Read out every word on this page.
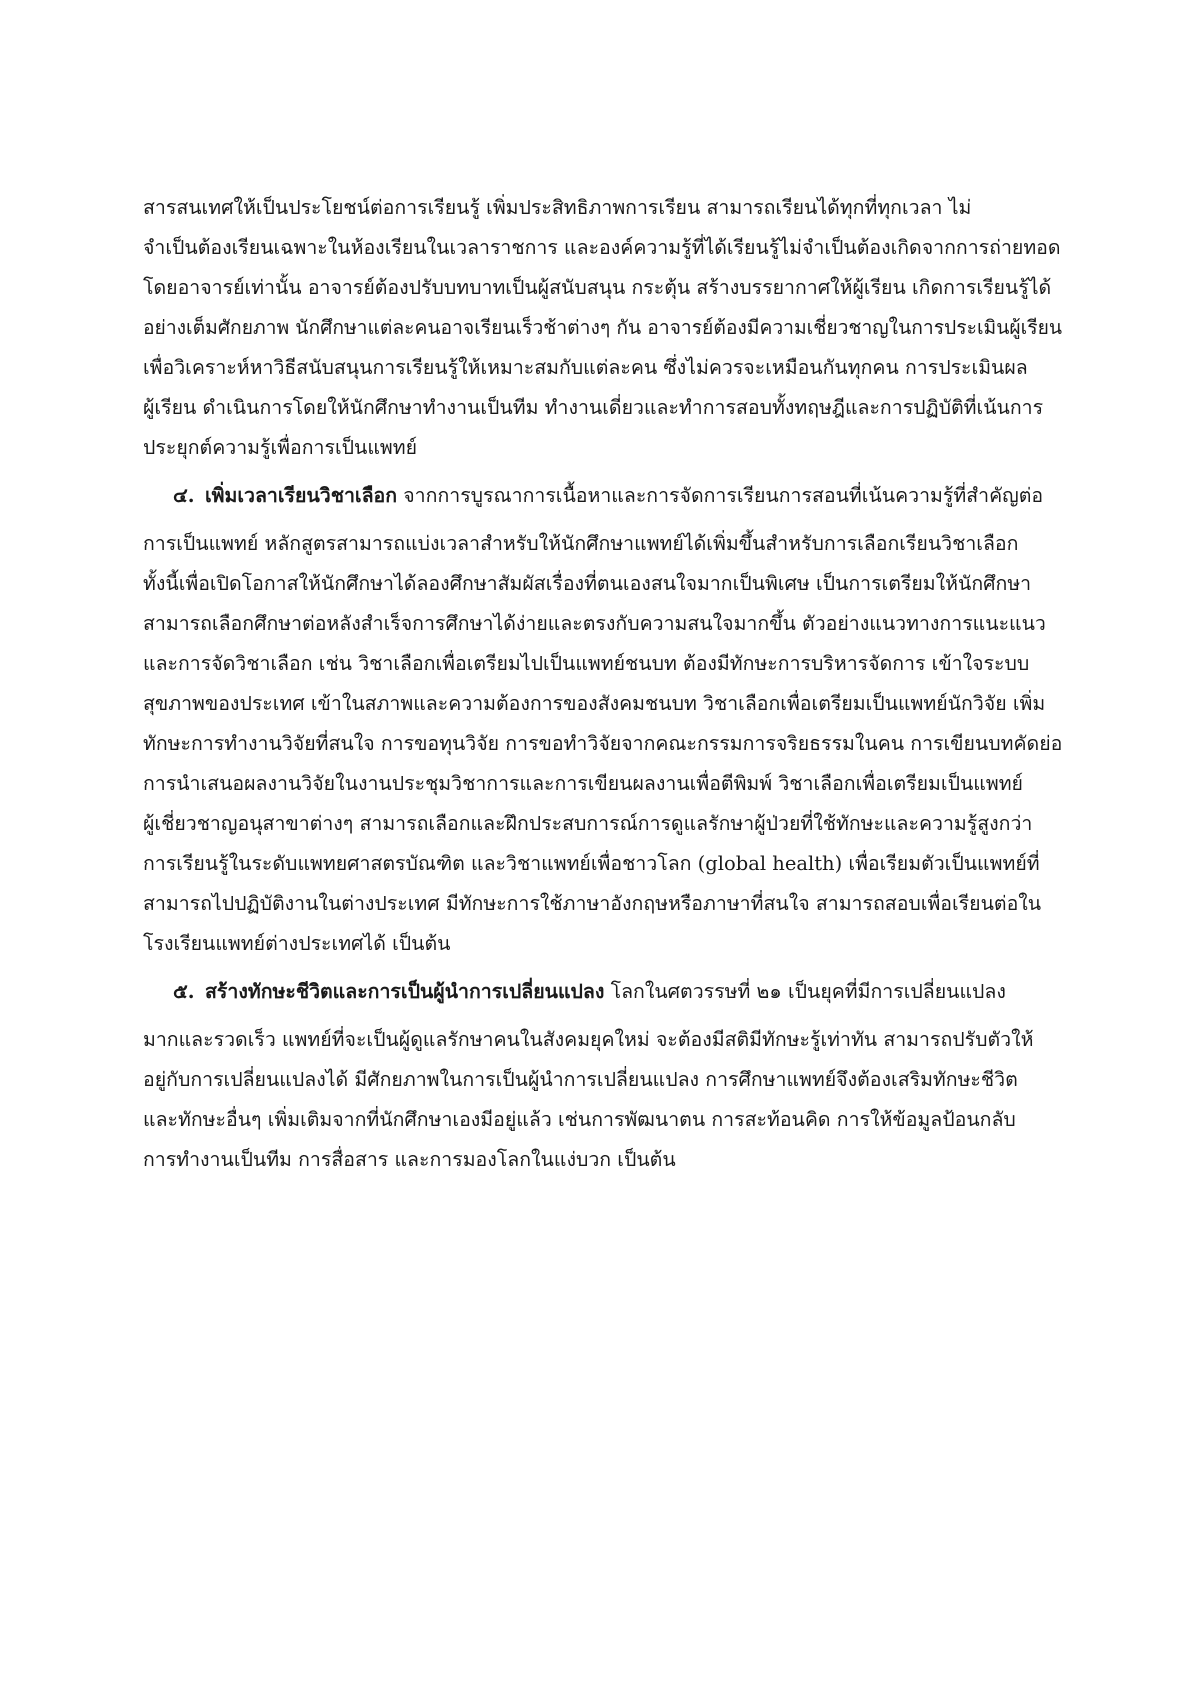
สารสนเทศให้เป็นประโยชน์ต่อการเรียนรู้ เพิ่มประสิทธิภาพการเรียน สามารถเรียนได้ทุกที่ทุกเวลา ไม่
จำเป็นต้องเรียนเฉพาะในห้องเรียนในเวลาราชการ และองค์ความรู้ที่ได้เรียนรู้ไม่จำเป็นต้องเกิดจากการถ่ายทอด
โดยอาจารย์เท่านั้น อาจารย์ต้องปรับบทบาทเป็นผู้สนับสนุน กระตุ้น สร้างบรรยากาศให้ผู้เรียน เกิดการเรียนรู้ได้
อย่างเต็มศักยภาพ นักศึกษาแต่ละคนอาจเรียนเร็วช้าต่างๆ กัน อาจารย์ต้องมีความเชี่ยวชาญในการประเมินผู้เรียน
เพื่อวิเคราะห์หาวิธีสนับสนุนการเรียนรู้ให้เหมาะสมกับแต่ละคน ซึ่งไม่ควรจะเหมือนกันทุกคน การประเมินผล
ผู้เรียน ดำเนินการโดยให้นักศึกษาทำงานเป็นทีม ทำงานเดี่ยวและทำการสอบทั้งทฤษฎีและการปฏิบัติที่เน้นการ
ประยุกต์ความรู้เพื่อการเป็นแพทย์
๔. เพิ่มเวลาเรียนวิชาเลือก จากการบูรณาการเนื้อหาและการจัดการเรียนการสอนที่เน้นความรู้ที่สำคัญต่อ
การเป็นแพทย์ หลักสูตรสามารถแบ่งเวลาสำหรับให้นักศึกษาแพทย์ได้เพิ่มขึ้นสำหรับการเลือกเรียนวิชาเลือก
ทั้งนี้เพื่อเปิดโอกาสให้นักศึกษาได้ลองศึกษาสัมผัสเรื่องที่ตนเองสนใจมากเป็นพิเศษ เป็นการเตรียมให้นักศึกษา
สามารถเลือกศึกษาต่อหลังสำเร็จการศึกษาได้ง่ายและตรงกับความสนใจมากขึ้น ตัวอย่างแนวทางการแนะแนว
และการจัดวิชาเลือก เช่น วิชาเลือกเพื่อเตรียมไปเป็นแพทย์ชนบท ต้องมีทักษะการบริหารจัดการ เข้าใจระบบ
สุขภาพของประเทศ เข้าในสภาพและความต้องการของสังคมชนบท วิชาเลือกเพื่อเตรียมเป็นแพทย์นักวิจัย เพิ่ม
ทักษะการทำงานวิจัยที่สนใจ การขอทุนวิจัย การขอทำวิจัยจากคณะกรรมการจริยธรรมในคน การเขียนบทคัดย่อ
การนำเสนอผลงานวิจัยในงานประชุมวิชาการและการเขียนผลงานเพื่อตีพิมพ์ วิชาเลือกเพื่อเตรียมเป็นแพทย์
ผู้เชี่ยวชาญอนุสาขาต่างๆ สามารถเลือกและฝึกประสบการณ์การดูแลรักษาผู้ป่วยที่ใช้ทักษะและความรู้สูงกว่า
การเรียนรู้ในระดับแพทยศาสตรบัณฑิต และวิชาแพทย์เพื่อชาวโลก (global health) เพื่อเรียมตัวเป็นแพทย์ที่
สามารถไปปฏิบัติงานในต่างประเทศ มีทักษะการใช้ภาษาอังกฤษหรือภาษาที่สนใจ สามารถสอบเพื่อเรียนต่อใน
โรงเรียนแพทย์ต่างประเทศได้ เป็นต้น
๕. สร้างทักษะชีวิตและการเป็นผู้นำการเปลี่ยนแปลง โลกในศตวรรษที่ ๒๑ เป็นยุคที่มีการเปลี่ยนแปลง
มากและรวดเร็ว แพทย์ที่จะเป็นผู้ดูแลรักษาคนในสังคมยุคใหม่ จะต้องมีสติมีทักษะรู้เท่าทัน สามารถปรับตัวให้
อยู่กับการเปลี่ยนแปลงได้ มีศักยภาพในการเป็นผู้นำการเปลี่ยนแปลง การศึกษาแพทย์จึงต้องเสริมทักษะชีวิต
และทักษะอื่นๆ เพิ่มเติมจากที่นักศึกษาเองมีอยู่แล้ว เช่นการพัฒนาตน การสะท้อนคิด การให้ข้อมูลป้อนกลับ
การทำงานเป็นทีม การสื่อสาร และการมองโลกในแง่บวก เป็นต้น
